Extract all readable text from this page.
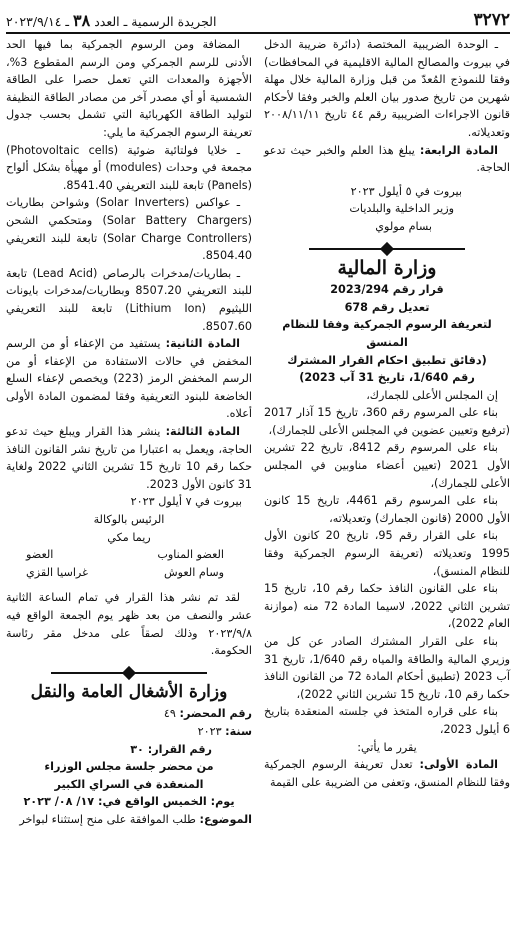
٣٢٧٢
الجريدة الرسمية ـ العدد ٣٨ ـ ٢٠٢٣/٩/١٤

ـ الوحدة الضريبية المختصة (دائرة ضريبة الدخل في بيروت والمصالح المالية الاقليمية في المحافظات) وفقا للنموذج المُعدّ من قبل وزارة المالية خلال مهلة شهرين من تاريخ صدور بيان العلم والخبر وفقا لأحكام قانون الاجراءات الضريبية رقم ٤٤ تاريخ ٢٠٠٨/١١/١١ وتعديلاته.

المادة الرابعة: يبلغ هذا العلم والخبر حيث تدعو الحاجة.

بيروت في ٥ أيلول ٢٠٢٣

وزير الداخلية والبلديات

بسام مولوي

وزارة المالية

قرار رقم 2023/294

تعديل رقم 678

لتعريفة الرسوم الجمركية وفقا للنظام المنسق

(دقائق تطبيق احكام القرار المشترك

رقم 1/640، تاريخ 31 آب 2023)

إن المجلس الأعلى للجمارك،

بناء على المرسوم رقم 360، تاريخ 15 آذار 2017 (ترفيع وتعيين عضوين في المجلس الأعلى للجمارك)،

بناء على المرسوم رقم 8412، تاريخ 22 تشرين الأول 2021 (تعيين أعضاء مناوبين في المجلس الأعلى للجمارك)،

بناء على المرسوم رقم 4461، تاريخ 15 كانون الأول 2000 (قانون الجمارك) وتعديلاته،

بناء على القرار رقم 95، تاريخ 20 كانون الأول 1995 وتعديلاته (تعريفة الرسوم الجمركية وفقا للنظام المنسق)،

بناء على القانون النافذ حكما رقم 10، تاريخ 15 تشرين الثاني 2022، لاسيما المادة 72 منه (موازنة العام 2022)،

بناء على القرار المشترك الصادر عن كل من وزيري المالية والطاقة والمياه رقم 1/640، تاريخ 31 آب 2023 (تطبيق أحكام المادة 72 من القانون النافذ حكما رقم 10، تاريخ 15 تشرين الثاني 2022)،

بناء على قراره المتخذ في جلسته المنعقدة بتاريخ 6 أيلول 2023،

يقرر ما يأتي:

المادة الأولى: تعدل تعريفة الرسوم الجمركية وفقا للنظام المنسق، وتعفى من الضريبة على القيمة

المضافة ومن الرسوم الجمركية بما فيها الحد الأدنى للرسم الجمركي ومن الرسم المقطوع 3%، الأجهزة والمعدات التي تعمل حصرا على الطاقة الشمسية أو أي مصدر آخر من مصادر الطاقة النظيفة لتوليد الطاقة الكهربائية التي تشمل بحسب جدول تعريفة الرسوم الجمركية ما يلي:

ـ خلايا فولتائية ضوئية (Photovoltaic cells) مجمعة في وحدات (modules) أو مهيأة بشكل ألواح (Panels) تابعة للبند التعريفي 8541.40.

ـ عواكس (Solar Inverters) وشواحن بطاريات (Solar Battery Chargers) ومتحكمي الشحن (Solar Charge Controllers) تابعة للبند التعريفي 8504.40.

ـ بطاريات/مدخرات بالرصاص (Lead Acid) تابعة للبند التعريفي 8507.20 وبطاريات/مدخرات بايونات الليثيوم (Lithium Ion) تابعة للبند التعريفي 8507.60.

المادة الثانية: يستفيد من الإعفاء أو من الرسم المخفض في حالات الاستفادة من الإعفاء أو من الرسم المخفض الرمز (223) ويخصص لإعفاء السلع الخاضعة للبنود التعريفية وفقا لمضمون المادة الأولى أعلاه.

المادة الثالثة: ينشر هذا القرار ويبلغ حيث تدعو الحاجة، ويعمل به اعتبارا من تاريخ نشر القانون النافذ حكما رقم 10 تاريخ 15 تشرين الثاني 2022 ولغاية 31 كانون الأول 2023.

بيروت في ٧ أيلول ٢٠٢٣

الرئيس بالوكالة

ريما مكي

العضو المناوب
العضو
وسام العوش
غراسيا القزي

لقد تم نشر هذا القرار في تمام الساعة الثانية عشر والنصف من بعد ظهر يوم الجمعة الواقع فيه ٢٠٢٣/٩/٨ وذلك لصقاً على مدخل مقر رئاسة الحكومة.

وزارة الأشغال العامة والنقل

رقم المحضر: ٤٩

سنة: ٢٠٢٣

رقم القرار: ٣٠

من محضر جلسة مجلس الوزراء

المنعقدة في السراي الكبير

يوم: الخميس الواقع في: ١٧/ ٠٨/ ٢٠٢٣

الموضوع: طلب الموافقة على منح إستثناء لبواخر
